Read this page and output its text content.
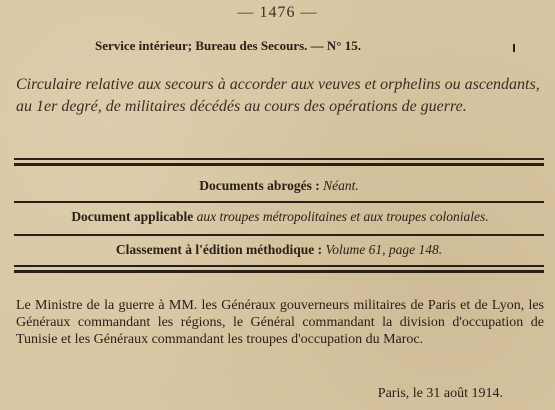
— 1476 —
Service intérieur; Bureau des Secours. — N° 15.
Circulaire relative aux secours à accorder aux veuves et orphelins ou ascendants, au 1er degré, de militaires décédés au cours des opérations de guerre.
Documents abrogés : Néant.
Document applicable aux troupes métropolitaines et aux troupes coloniales.
Classement à l'édition méthodique : Volume 61, page 148.
Le Ministre de la guerre à MM. les Généraux gouverneurs militaires de Paris et de Lyon, les Généraux commandant les régions, le Général commandant la division d'occupation de Tunisie et les Généraux commandant les troupes d'occupation du Maroc.
Paris, le 31 août 1914.
